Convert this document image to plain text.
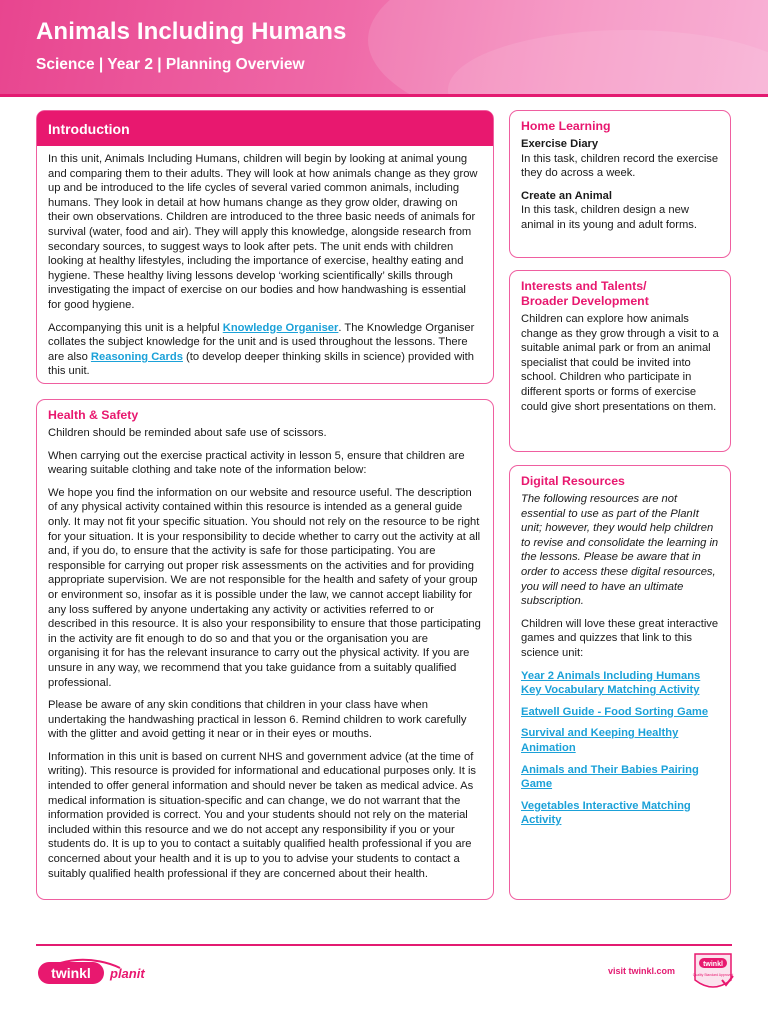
Animals Including Humans
Science | Year 2 | Planning Overview
Introduction

In this unit, Animals Including Humans, children will begin by looking at animal young and comparing them to their adults. They will look at how animals change as they grow up and be introduced to the life cycles of several varied common animals, including humans. They look in detail at how humans change as they grow older, drawing on their own observations. Children are introduced to the three basic needs of animals for survival (water, food and air). They will apply this knowledge, alongside research from secondary sources, to suggest ways to look after pets. The unit ends with children looking at healthy lifestyles, including the importance of exercise, healthy eating and hygiene. These healthy living lessons develop ‘working scientifically’ skills through investigating the impact of exercise on our bodies and how handwashing is essential for good hygiene.

Accompanying this unit is a helpful Knowledge Organiser. The Knowledge Organiser collates the subject knowledge for the unit and is used throughout the lessons. There are also Reasoning Cards (to develop deeper thinking skills in science) provided with this unit.

Health & Safety

Children should be reminded about safe use of scissors.

When carrying out the exercise practical activity in lesson 5, ensure that children are wearing suitable clothing and take note of the information below:

We hope you find the information on our website and resource useful. The description of any physical activity contained within this resource is intended as a general guide only. It may not fit your specific situation. You should not rely on the resource to be right for your situation. It is your responsibility to decide whether to carry out the activity at all and, if you do, to ensure that the activity is safe for those participating. You are responsible for carrying out proper risk assessments on the activities and for providing appropriate supervision. We are not responsible for the health and safety of your group or environment so, insofar as it is possible under the law, we cannot accept liability for any loss suffered by anyone undertaking any activity or activities referred to or described in this resource. It is also your responsibility to ensure that those participating in the activity are fit enough to do so and that you or the organisation you are organising it for has the relevant insurance to carry out the physical activity. If you are unsure in any way, we recommend that you take guidance from a suitably qualified professional.

Please be aware of any skin conditions that children in your class have when undertaking the handwashing practical in lesson 6. Remind children to work carefully with the glitter and avoid getting it near or in their eyes or mouths.

Information in this unit is based on current NHS and government advice (at the time of writing). This resource is provided for informational and educational purposes only. It is intended to offer general information and should never be taken as medical advice. As medical information is situation-specific and can change, we do not warrant that the information provided is correct. You and your students should not rely on the material included within this resource and we do not accept any responsibility if you or your students do. It is up to you to contact a suitably qualified health professional if you are concerned about your health and it is up to you to advise your students to contact a suitably qualified health professional if they are concerned about their health.

Home Learning
Exercise Diary

In this task, children record the exercise they do across a week.

Create an Animal

In this task, children design a new animal in its young and adult forms.

Interests and Talents/
Broader Development
Children can explore how animals change as they grow through a visit to a suitable animal park or from an animal specialist that could be invited into school. Children who participate in different sports or forms of exercise could give short presentations on them.
Digital Resources

The following resources are not essential to use as part of the PlanIt unit; however, they would help children to revise and consolidate the learning in the lessons. Please be aware that in order to access these digital resources, you will need to have an ultimate subscription.

Children will love these great interactive games and quizzes that link to this science unit:

Year 2 Animals Including Humans Key Vocabulary Matching Activity
Eatwell Guide - Food Sorting Game
Survival and Keeping Healthy Animation
Animals and Their Babies Pairing Game
Vegetables Interactive Matching Activity
twinkl planit	visit twinkl.com
twinkl
Quality Standard Approved
